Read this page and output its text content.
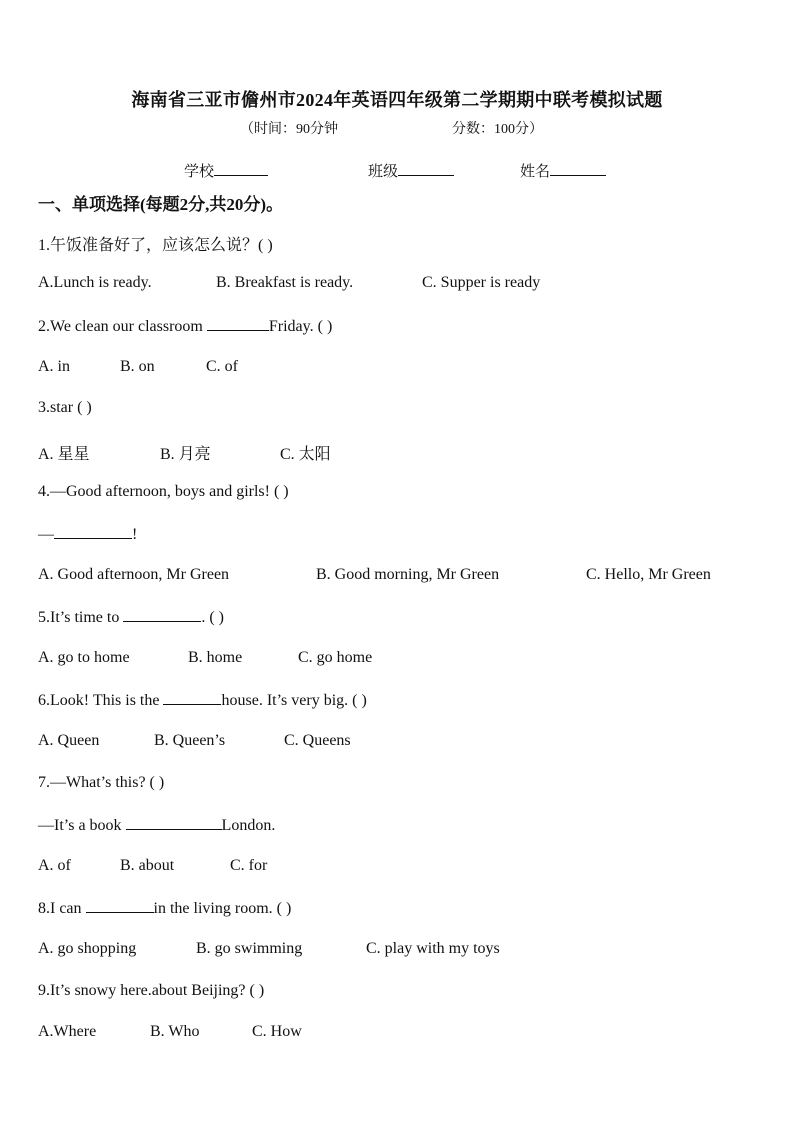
海南省三亚市儋州市2024年英语四年级第二学期期中联考模拟试题
（时间：90分钟	分数：100分）
学校	班级	姓名
一、单项选择(每题2分,共20分)。
1.午饭准备好了，应该怎么说？( )
A.Lunch is ready.	B. Breakfast is ready.	C. Supper is ready
2.We clean our classroom	Friday. ( )
A. in	B. on	C. of
3.star ( )
A. 星星	B. 月亮	C. 太阳
4.—Good afternoon, boys and girls! ( )
—	!
A. Good afternoon, Mr Green	B. Good morning, Mr Green	C. Hello, Mr Green
5.It’s time to	. ( )
A. go to home	B. home	C. go home
6.Look! This is the	house. It’s very big. ( )
A. Queen	B. Queen’s	C. Queens
7.—What’s this? ( )
—It’s a book	London.
A. of	B. about	C. for
8.I can	in the living room. ( )
A. go shopping	B. go swimming	C. play with my toys
9.It’s snowy here.about Beijing? ( )
A.Where	B. Who	C. How
